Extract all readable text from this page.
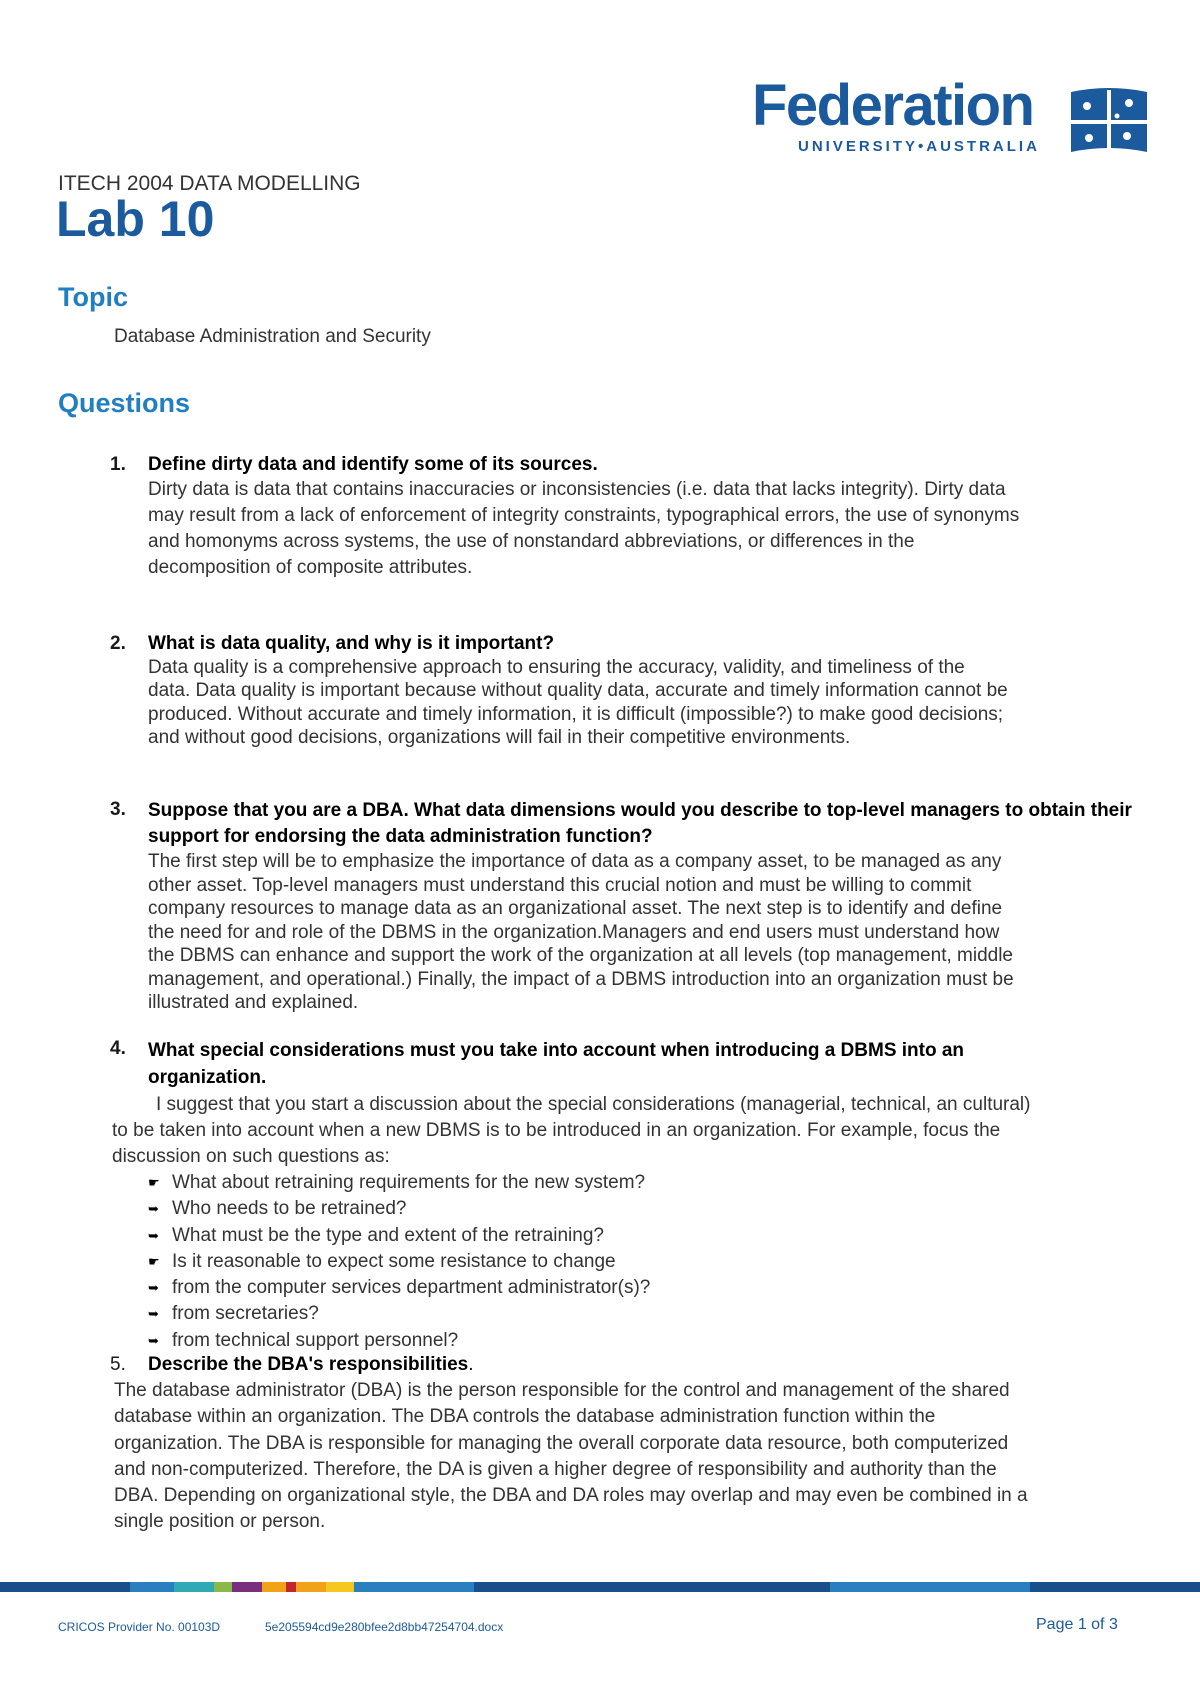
Federation
UNIVERSITY•AUSTRALIA
ITECH 2004 DATA MODELLING
Lab 10
Topic
Database Administration and Security
Questions
1. Define dirty data and identify some of its sources.
Dirty data is data that contains inaccuracies or inconsistencies (i.e. data that lacks integrity). Dirty data may result from a lack of enforcement of integrity constraints, typographical errors, the use of synonyms and homonyms across systems, the use of nonstandard abbreviations, or differences in the decomposition of composite attributes.
2. What is data quality, and why is it important?
Data quality is a comprehensive approach to ensuring the accuracy, validity, and timeliness of the data. Data quality is important because without quality data, accurate and timely information cannot be produced. Without accurate and timely information, it is difficult (impossible?) to make good decisions; and without good decisions, organizations will fail in their competitive environments.
3. Suppose that you are a DBA. What data dimensions would you describe to top-level managers to obtain their support for endorsing the data administration function?
The first step will be to emphasize the importance of data as a company asset, to be managed as any other asset. Top-level managers must understand this crucial notion and must be willing to commit company resources to manage data as an organizational asset. The next step is to identify and define the need for and role of the DBMS in the organization.Managers and end users must understand how the DBMS can enhance and support the work of the organization at all levels (top management, middle management, and operational.) Finally, the impact of a DBMS introduction into an organization must be illustrated and explained.
4. What special considerations must you take into account when introducing a DBMS into an organization.
I suggest that you start a discussion about the special considerations (managerial, technical, an cultural) to be taken into account when a new DBMS is to be introduced in an organization. For example, focus the discussion on such questions as:
☛ What about retraining requirements for the new system?
➥ Who needs to be retrained?
➥ What must be the type and extent of the retraining?
☛ Is it reasonable to expect some resistance to change
➥ from the computer services department administrator(s)?
➥ from secretaries?
➥ from technical support personnel?
5. Describe the DBA's responsibilities.
The database administrator (DBA) is the person responsible for the control and management of the shared database within an organization. The DBA controls the database administration function within the organization. The DBA is responsible for managing the overall corporate data resource, both computerized and non-computerized. Therefore, the DA is given a higher degree of responsibility and authority than the DBA. Depending on organizational style, the DBA and DA roles may overlap and may even be combined in a single position or person.
CRICOS Provider No. 00103D	5e205594cd9e280bfee2d8bb47254704.docx	Page 1 of 3
